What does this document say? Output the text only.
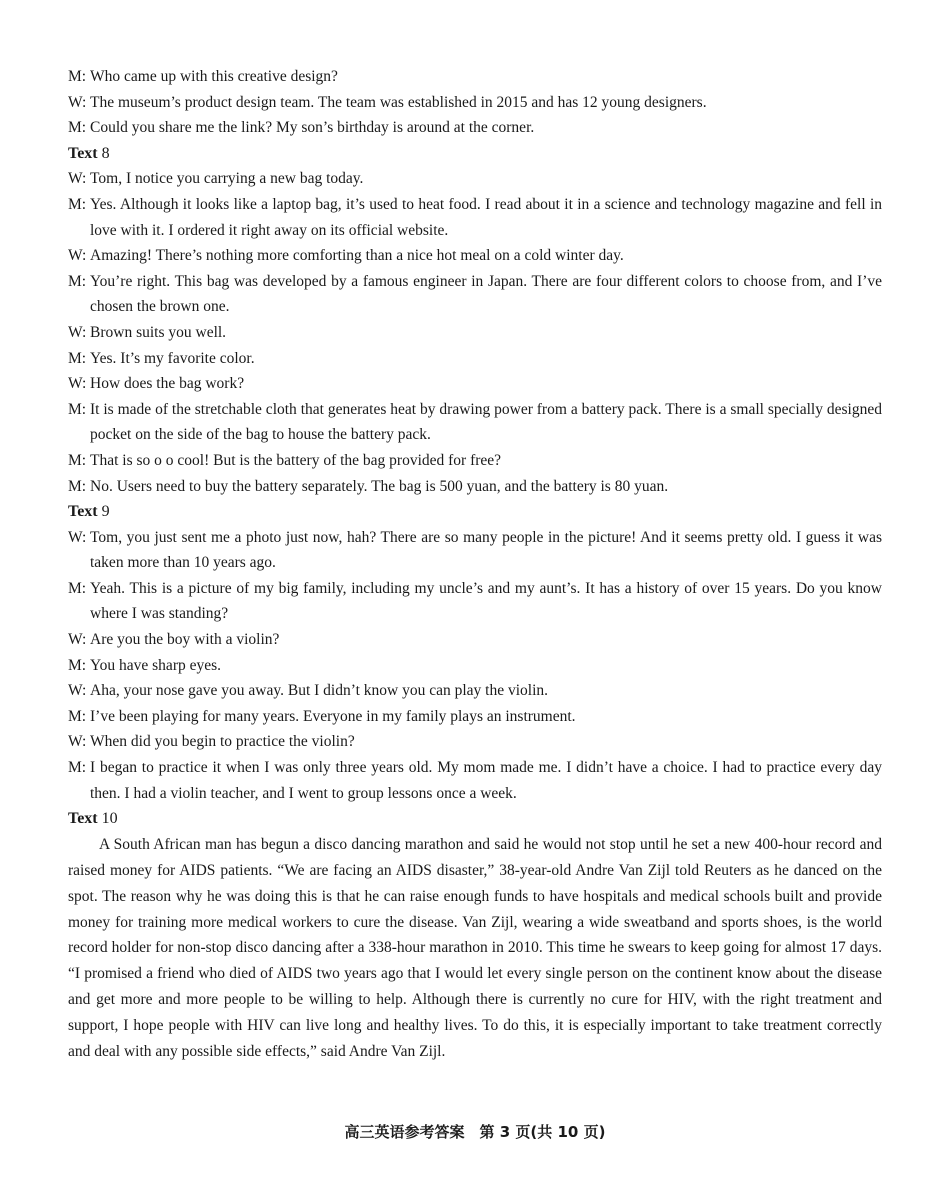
M: Who came up with this creative design?
W: The museum’s product design team. The team was established in 2015 and has 12 young designers.
M: Could you share me the link? My son’s birthday is around at the corner.
Text 8
W: Tom, I notice you carrying a new bag today.
M: Yes. Although it looks like a laptop bag, it’s used to heat food. I read about it in a science and technology magazine and fell in love with it. I ordered it right away on its official website.
W: Amazing! There’s nothing more comforting than a nice hot meal on a cold winter day.
M: You’re right. This bag was developed by a famous engineer in Japan. There are four different colors to choose from, and I’ve chosen the brown one.
W: Brown suits you well.
M: Yes. It’s my favorite color.
W: How does the bag work?
M: It is made of the stretchable cloth that generates heat by drawing power from a battery pack. There is a small specially designed pocket on the side of the bag to house the battery pack.
M: That is so o o cool! But is the battery of the bag provided for free?
M: No. Users need to buy the battery separately. The bag is 500 yuan, and the battery is 80 yuan.
Text 9
W: Tom, you just sent me a photo just now, hah? There are so many people in the picture! And it seems pretty old. I guess it was taken more than 10 years ago.
M: Yeah. This is a picture of my big family, including my uncle’s and my aunt’s. It has a history of over 15 years. Do you know where I was standing?
W: Are you the boy with a violin?
M: You have sharp eyes.
W: Aha, your nose gave you away. But I didn’t know you can play the violin.
M: I’ve been playing for many years. Everyone in my family plays an instrument.
W: When did you begin to practice the violin?
M: I began to practice it when I was only three years old. My mom made me. I didn’t have a choice. I had to practice every day then. I had a violin teacher, and I went to group lessons once a week.
Text 10

A South African man has begun a disco dancing marathon and said he would not stop until he set a new 400-hour record and raised money for AIDS patients. “We are facing an AIDS disaster,” 38-year-old Andre Van Zijl told Reuters as he danced on the spot. The reason why he was doing this is that he can raise enough funds to have hospitals and medical schools built and provide money for training more medical workers to cure the disease. Van Zijl, wearing a wide sweatband and sports shoes, is the world record holder for non-stop disco dancing after a 338-hour marathon in 2010. This time he swears to keep going for almost 17 days. “I promised a friend who died of AIDS two years ago that I would let every single person on the continent know about the disease and get more and more people to be willing to help. Although there is currently no cure for HIV, with the right treatment and support, I hope people with HIV can live long and healthy lives. To do this, it is especially important to take treatment correctly and deal with any possible side effects,” said Andre Van Zijl.

高三英语参考答案　第 3 页(共 10 页)
